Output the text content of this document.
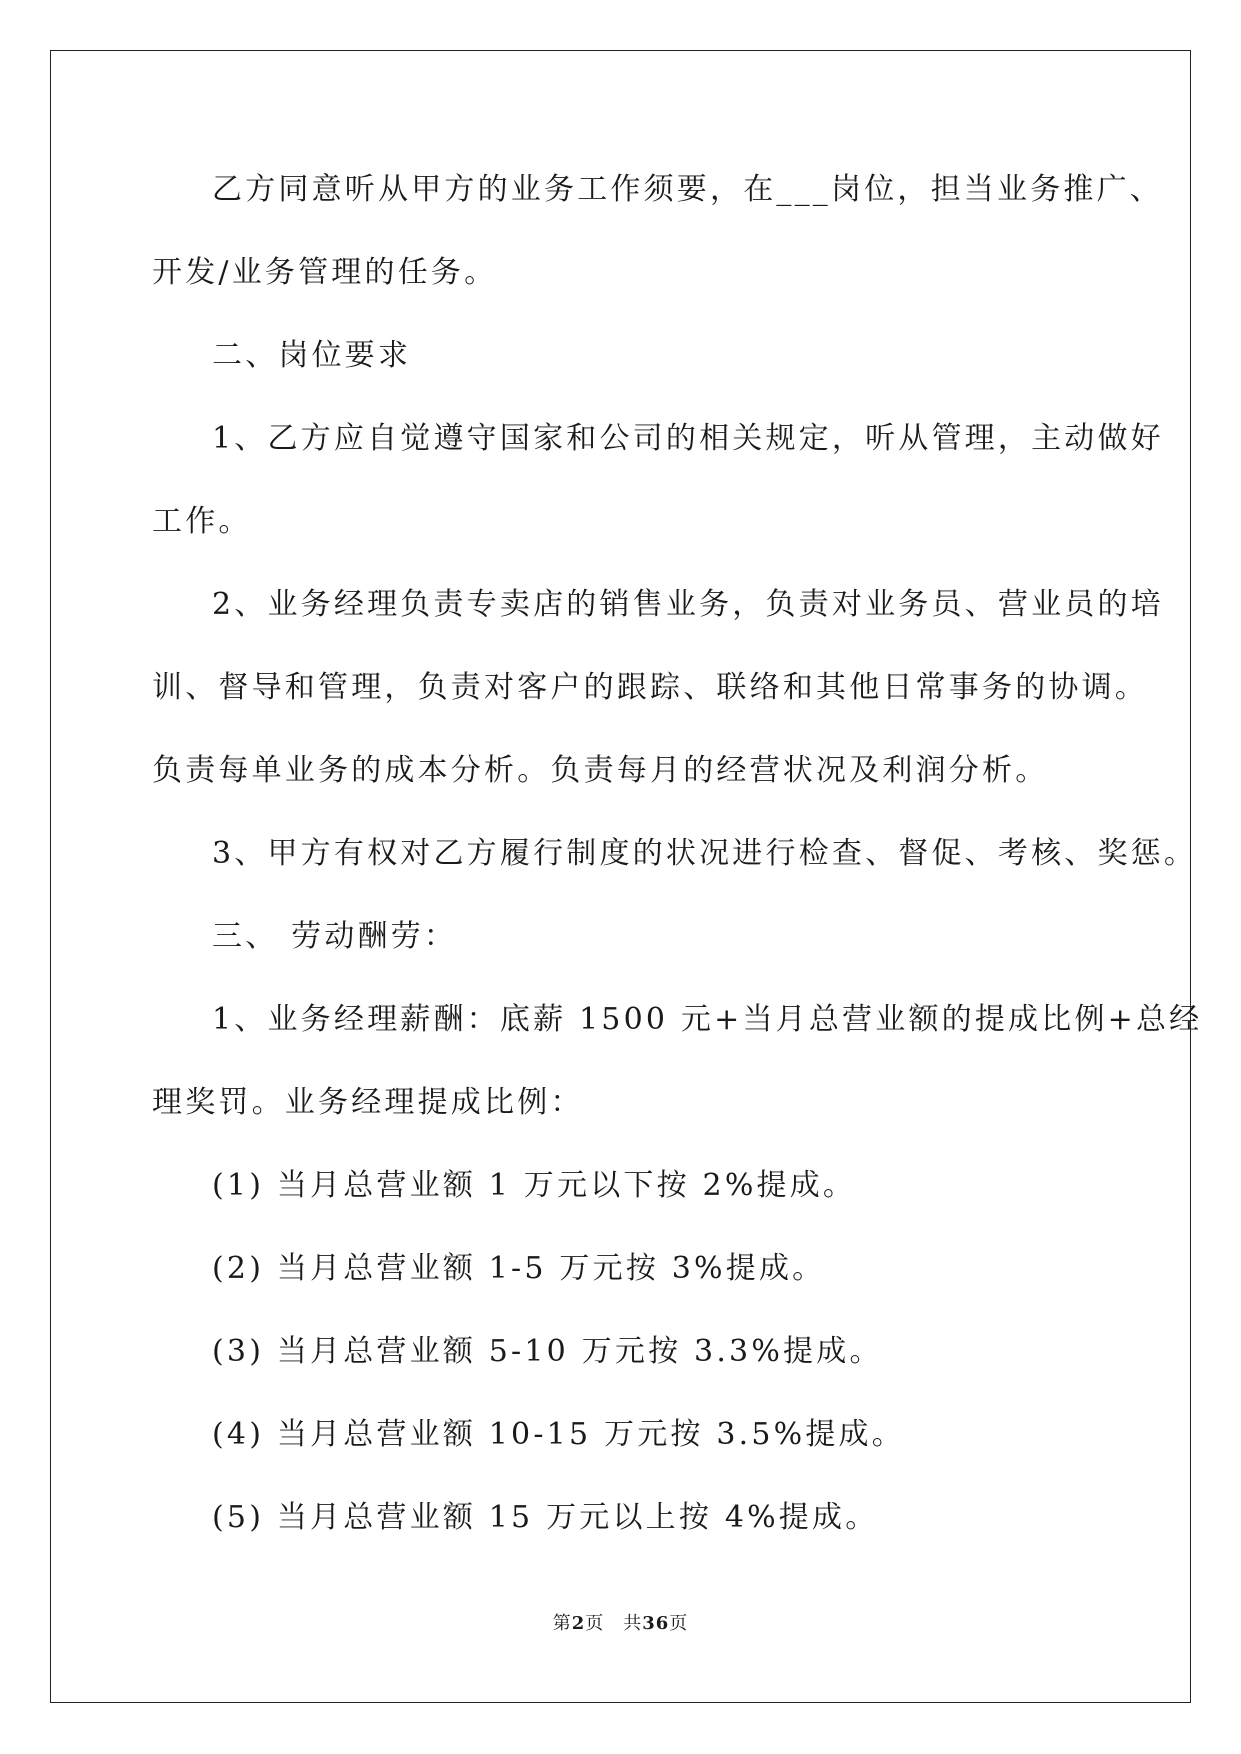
乙方同意听从甲方的业务工作须要，在___岗位，担当业务推广、
开发/业务管理的任务。
二、岗位要求
1、乙方应自觉遵守国家和公司的相关规定，听从管理，主动做好
工作。
2、业务经理负责专卖店的销售业务，负责对业务员、营业员的培
训、督导和管理，负责对客户的跟踪、联络和其他日常事务的协调。
负责每单业务的成本分析。负责每月的经营状况及利润分析。
3、甲方有权对乙方履行制度的状况进行检查、督促、考核、奖惩。
三、 劳动酬劳：
1、业务经理薪酬：底薪 1500 元+当月总营业额的提成比例+总经
理奖罚。业务经理提成比例：
(1) 当月总营业额 1 万元以下按 2%提成。
(2) 当月总营业额 1-5 万元按 3%提成。
(3) 当月总营业额 5-10 万元按 3.3%提成。
(4) 当月总营业额 10-15 万元按 3.5%提成。
(5) 当月总营业额 15 万元以上按 4%提成。
第2页　共36页
